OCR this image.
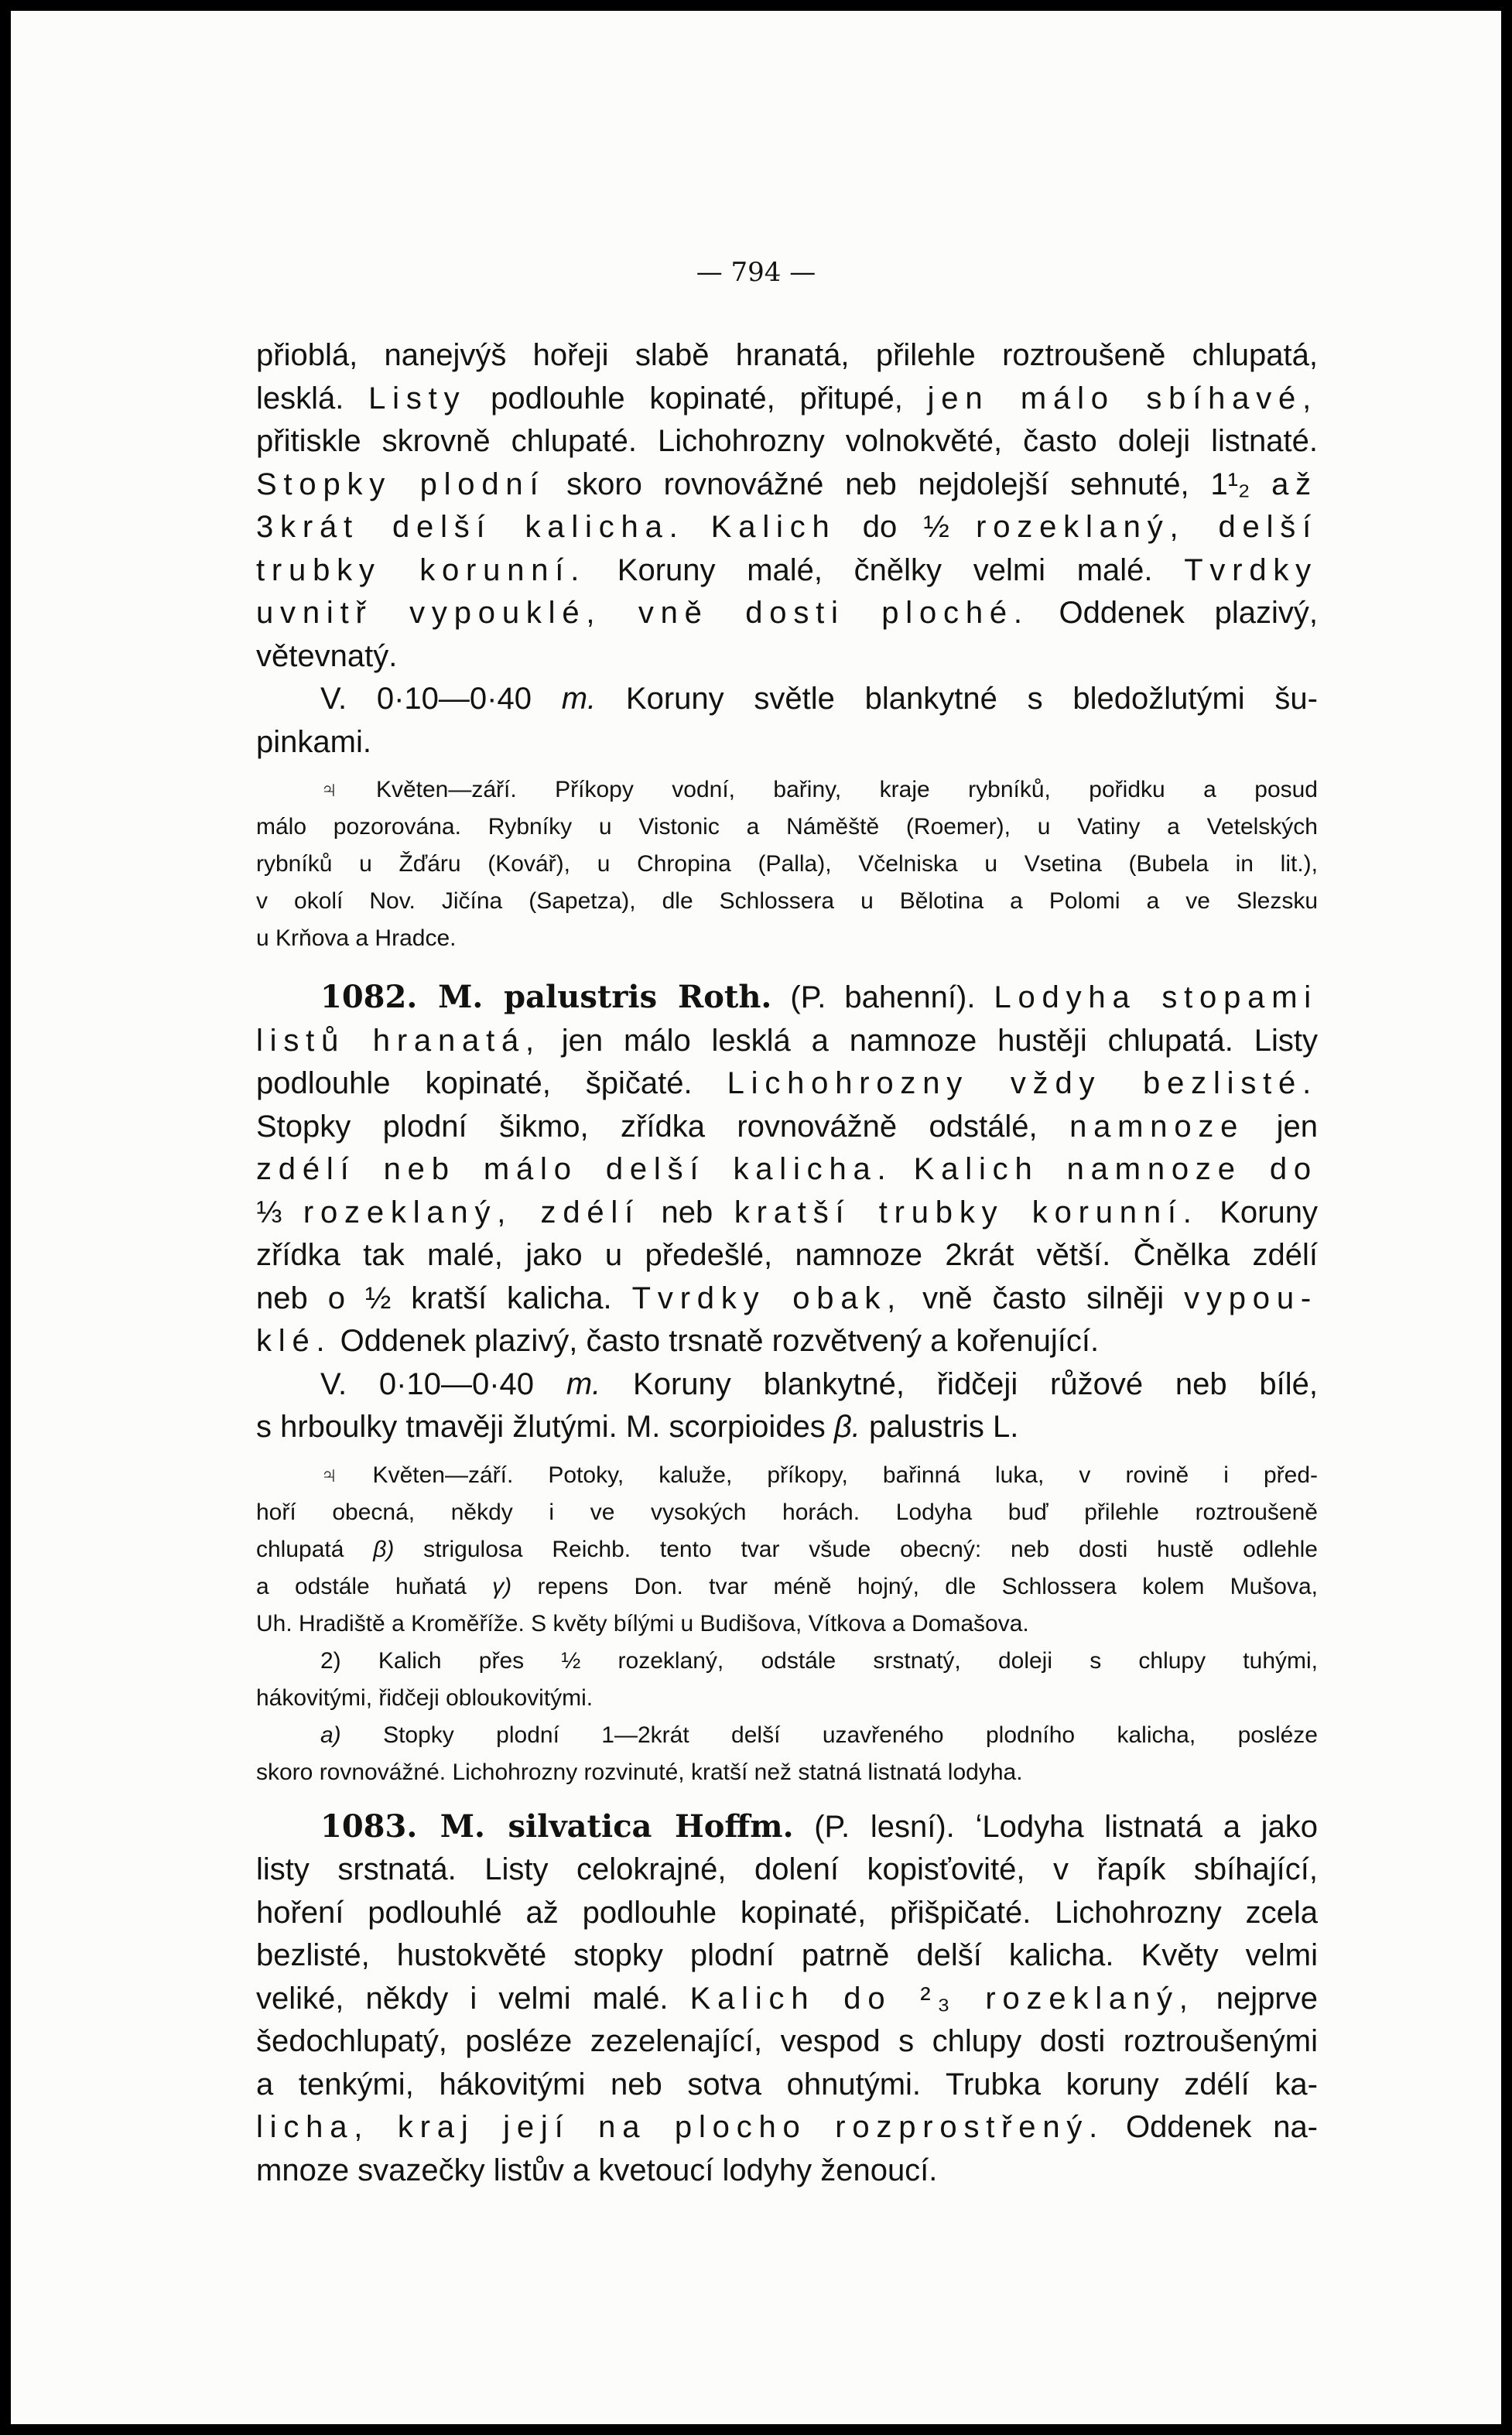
— 794 —

přioblá, nanejvýš hořeji slabě hranatá, přilehle roztroušeně chlupatá,

lesklá. Listy podlouhle kopinaté, přitupé, jen málo sbíhavé,

přitiskle skrovně chlupaté. Lichohrozny volnokvěté, často doleji listnaté.

Stopky plodní skoro rovnovážné neb nejdolejší sehnuté, 1¹₂ až

3krát delší kalicha. Kalich do ½ rozeklaný, delší

trubky korunní. Koruny malé, čnělky velmi malé. Tvrdky

uvnitř vypouklé, vně dosti ploché. Oddenek plazivý,

větevnatý.

V. 0·10—0·40 m. Koruny světle blankytné s bledožlutými šu-

pinkami.

♃ Květen—září. Příkopy vodní, bařiny, kraje rybníků, pořidku a posud

málo pozorována. Rybníky u Vistonic a Náměště (Roemer), u Vatiny a Vetelských

rybníků u Žďáru (Kovář), u Chropina (Palla), Včelniska u Vsetina (Bubela in lit.),

v okolí Nov. Jičína (Sapetza), dle Schlossera u Bělotina a Polomi a ve Slezsku

u Krňova a Hradce.

1082. M. palustris Roth. (P. bahenní). Lodyha stopami

listů hranatá, jen málo lesklá a namnoze hustěji chlupatá. Listy

podlouhle kopinaté, špičaté. Lichohrozny vždy bezlisté.

Stopky plodní šikmo, zřídka rovnovážně odstálé, namnoze jen

zdélí neb málo delší kalicha. Kalich namnoze do

⅓ rozeklaný, zdélí neb kratší trubky korunní. Koruny

zřídka tak malé, jako u předešlé, namnoze 2krát větší. Čnělka zdélí

neb o ½ kratší kalicha. Tvrdky obak, vně často silněji vypou-

klé. Oddenek plazivý, často trsnatě rozvětvený a kořenující.

V. 0·10—0·40 m. Koruny blankytné, řidčeji růžové neb bílé,

s hrboulky tmavěji žlutými. M. scorpioides β. palustris L.

♃ Květen—září. Potoky, kaluže, příkopy, bařinná luka, v rovině i před-

hoří obecná, někdy i ve vysokých horách. Lodyha buď přilehle roztroušeně

chlupatá β) strigulosa Reichb. tento tvar všude obecný: neb dosti hustě odlehle

a odstále huňatá γ) repens Don. tvar méně hojný, dle Schlossera kolem Mušova,

Uh. Hradiště a Kroměříže. S květy bílými u Budišova, Vítkova a Domašova.

2) Kalich přes ½ rozeklaný, odstále srstnatý, doleji s chlupy tuhými,

hákovitými, řidčeji obloukovitými.

a) Stopky plodní 1—2krát delší uzavřeného plodního kalicha, posléze

skoro rovnovážné. Lichohrozny rozvinuté, kratší než statná listnatá lodyha.

1083. M. silvatica Hoffm. (P. lesní). ʻLodyha listnatá a jako

listy srstnatá. Listy celokrajné, dolení kopisťovité, v řapík sbíhající,

hoření podlouhlé až podlouhle kopinaté, přišpičaté. Lichohrozny zcela

bezlisté, hustokvěté stopky plodní patrně delší kalicha. Květy velmi

veliké, někdy i velmi malé. Kalich do ²₃ rozeklaný, nejprve

šedochlupatý, posléze zezelenající, vespod s chlupy dosti roztroušenými

a tenkými, hákovitými neb sotva ohnutými. Trubka koruny zdélí ka-

licha, kraj její na plocho rozprostřený. Oddenek na-

mnoze svazečky listův a kvetoucí lodyhy ženoucí.
